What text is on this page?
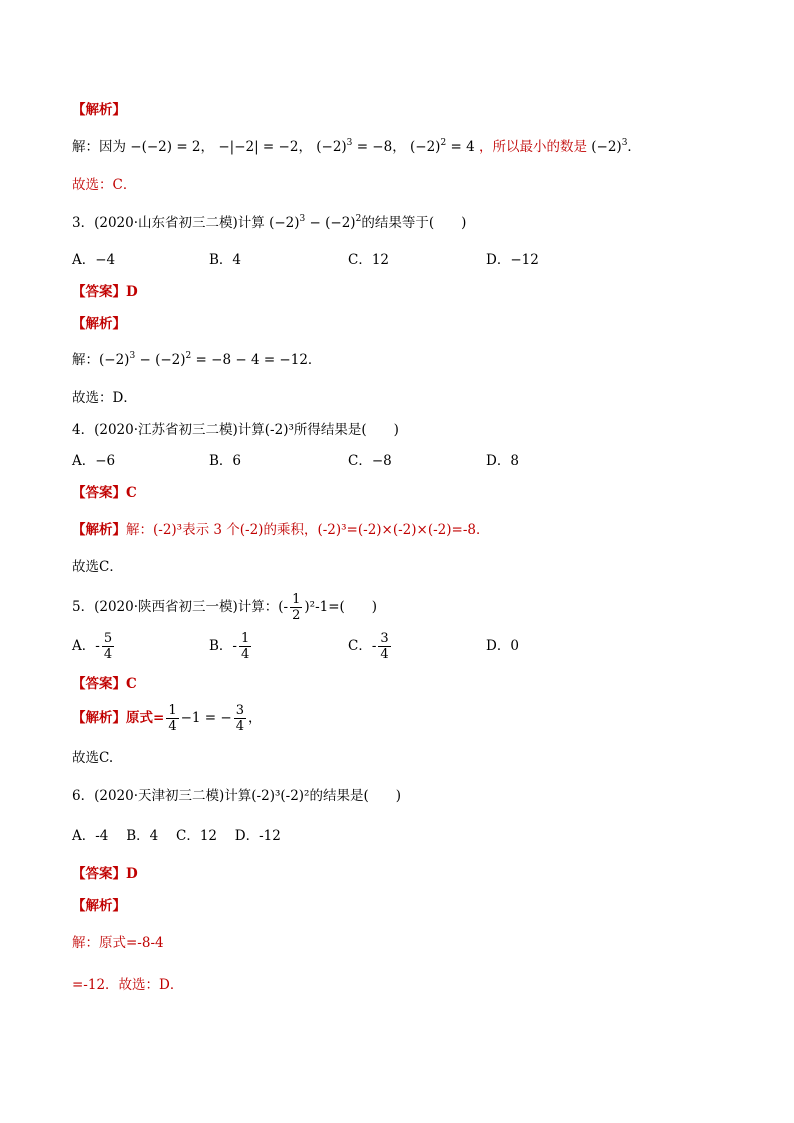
【解析】
解：因为 −(−2) = 2， −|−2| = −2， $(-2)^3 = -8$， $(-2)^2 = 4$ ，所以最小的数是 $(-2)^3$．
故选：C．
3．(2020·山东省初三二模)计算 $(-2)^3 - (-2)^2$的结果等于(　　)
A．−4	B．4	C．12	D．−12
【答案】D
【解析】
解：$(-2)^3 - (-2)^2 = -8 - 4 = -12$．
故选：D．
4．(2020·江苏省初三二模)计算(-2)³所得结果是(　　)
A．−6	B．6	C．−8	D．8
【答案】C
【解析】解：(-2)³表示 3 个(-2)的乘积，(-2)³=(-2)×(-2)×(-2)=-8．
故选C．
5．(2020·陕西省初三一模)计算：(- $\frac{1}{2} )^2-1=$(　　)
A．- $\frac{5}{4}$	B．- $\frac{1}{4}$	C．- $\frac{3}{4}$	D．0
【答案】C
【解析】原式= $\frac{1}{4} -1$ = − $\frac{3}{4}$ ，
故选C.
6．(2020·天津初三二模)计算(-2)³(-2)²的结果是(　　)
A．-4　 B．4　 C．12　 D．-12
【答案】D
【解析】
解：原式=-8-4
=-12．故选：D．
